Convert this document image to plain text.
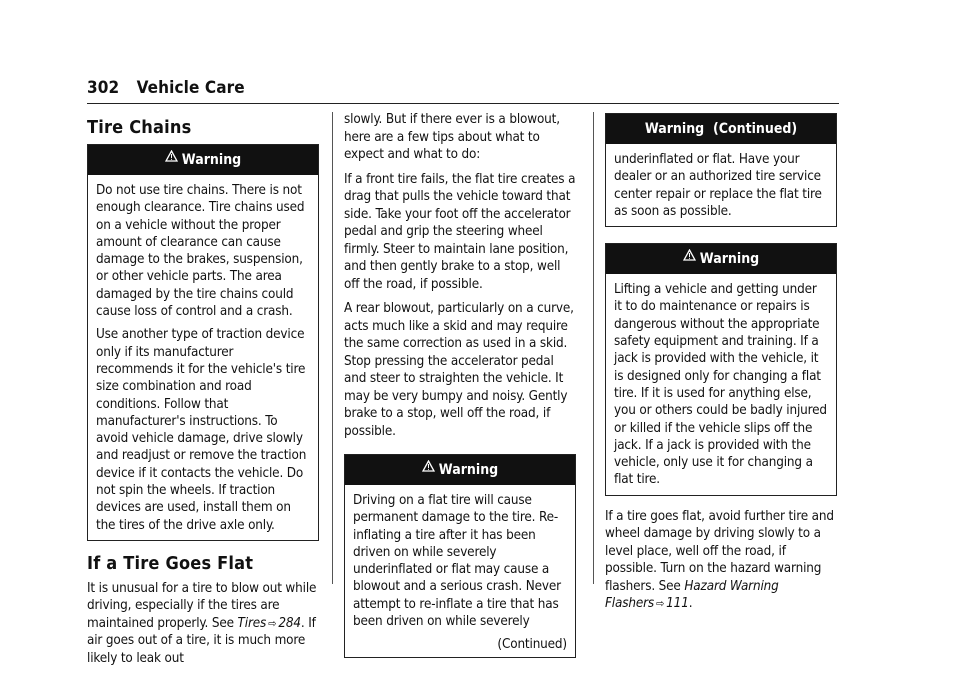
302 Vehicle Care
Tire Chains
Warning

Do not use tire chains. There is not enough clearance. Tire chains used on a vehicle without the proper amount of clearance can cause damage to the brakes, suspension, or other vehicle parts. The area damaged by the tire chains could cause loss of control and a crash.

Use another type of traction device only if its manufacturer recommends it for the vehicle's tire size combination and road conditions. Follow that manufacturer's instructions. To avoid vehicle damage, drive slowly and readjust or remove the traction device if it contacts the vehicle. Do not spin the wheels. If traction devices are used, install them on the tires of the drive axle only.

If a Tire Goes Flat

It is unusual for a tire to blow out while driving, especially if the tires are maintained properly. See Tires ⇨ 284. If air goes out of a tire, it is much more likely to leak out

slowly. But if there ever is a blowout, here are a few tips about what to expect and what to do:

If a front tire fails, the flat tire creates a drag that pulls the vehicle toward that side. Take your foot off the accelerator pedal and grip the steering wheel firmly. Steer to maintain lane position, and then gently brake to a stop, well off the road, if possible.

A rear blowout, particularly on a curve, acts much like a skid and may require the same correction as used in a skid. Stop pressing the accelerator pedal and steer to straighten the vehicle. It may be very bumpy and noisy. Gently brake to a stop, well off the road, if possible.

Warning

Driving on a flat tire will cause permanent damage to the tire. Re-inflating a tire after it has been driven on while severely underinflated or flat may cause a blowout and a serious crash. Never attempt to re-inflate a tire that has been driven on while severely

(Continued)

Warning  (Continued)

underinflated or flat. Have your dealer or an authorized tire service center repair or replace the flat tire as soon as possible.

Warning

Lifting a vehicle and getting under it to do maintenance or repairs is dangerous without the appropriate safety equipment and training. If a jack is provided with the vehicle, it is designed only for changing a flat tire. If it is used for anything else, you or others could be badly injured or killed if the vehicle slips off the jack. If a jack is provided with the vehicle, only use it for changing a flat tire.

If a tire goes flat, avoid further tire and wheel damage by driving slowly to a level place, well off the road, if possible. Turn on the hazard warning flashers. See Hazard Warning Flashers ⇨ 111.
